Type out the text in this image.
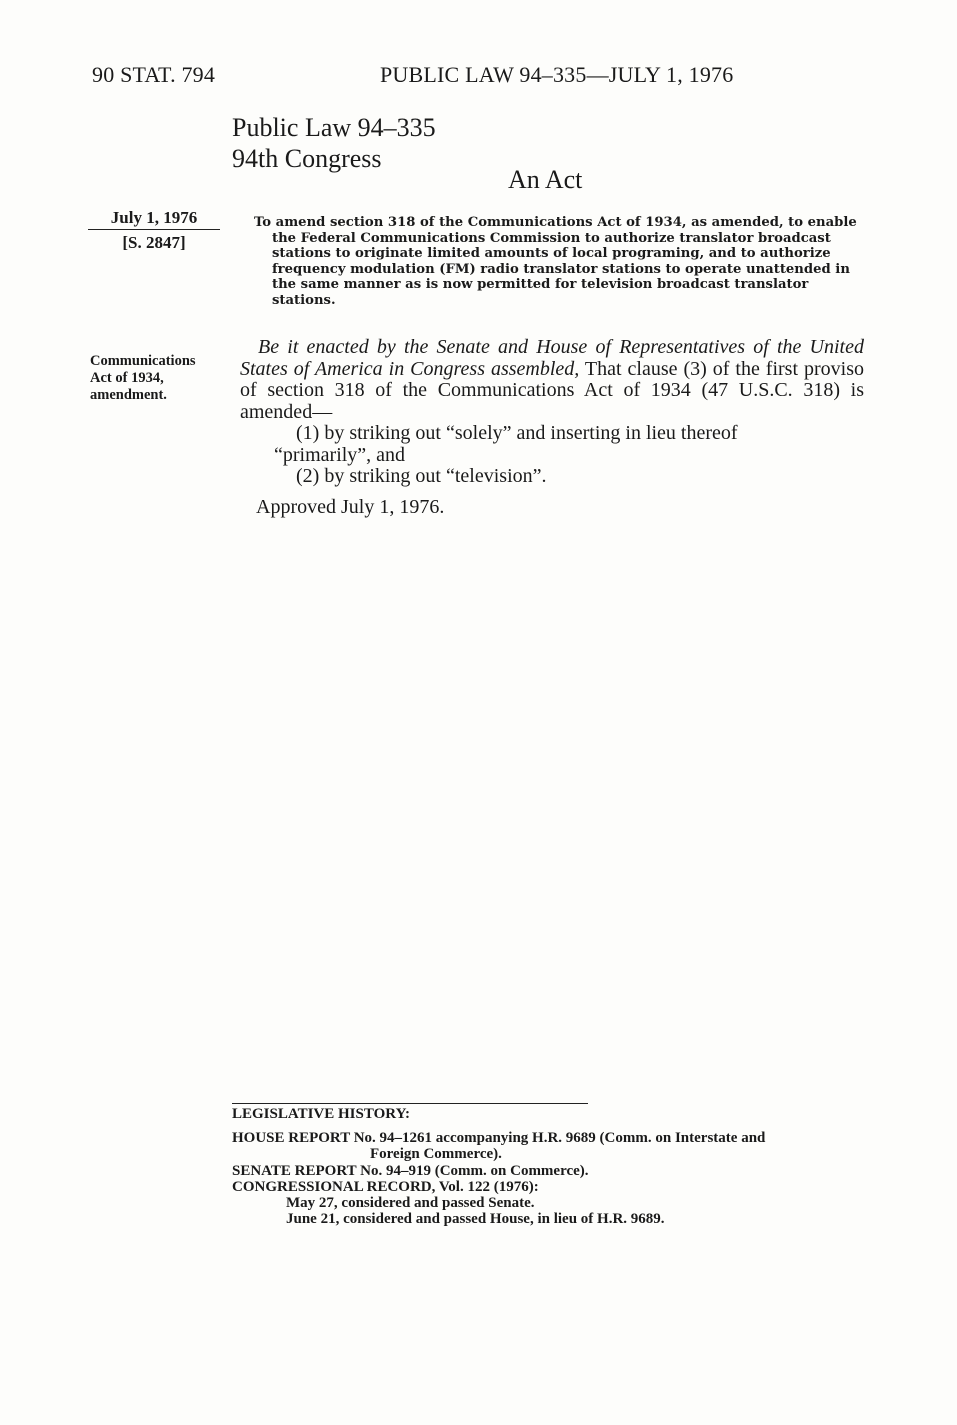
90 STAT. 794	PUBLIC LAW 94–335—JULY 1, 1976
Public Law 94–335
94th Congress
An Act
July 1, 1976
[S. 2847]
Communications
Act of 1934,
amendment.
To amend section 318 of the Communications Act of 1934, as amended, to enable the Federal Communications Commission to authorize translator broadcast stations to originate limited amounts of local programing, and to authorize frequency modulation (FM) radio translator stations to operate unattended in the same manner as is now permitted for television broadcast translator stations.
Be it enacted by the Senate and House of Representatives of the United States of America in Congress assembled, That clause (3) of the first proviso of section 318 of the Communications Act of 1934 (47 U.S.C. 318) is amended—
(1) by striking out “solely” and inserting in lieu thereof
“primarily”, and
(2) by striking out “television”.
Approved July 1, 1976.
LEGISLATIVE HISTORY:
HOUSE REPORT No. 94–1261 accompanying H.R. 9689 (Comm. on Interstate and
Foreign Commerce).
SENATE REPORT No. 94–919 (Comm. on Commerce).
CONGRESSIONAL RECORD, Vol. 122 (1976):
May 27, considered and passed Senate.
June 21, considered and passed House, in lieu of H.R. 9689.
